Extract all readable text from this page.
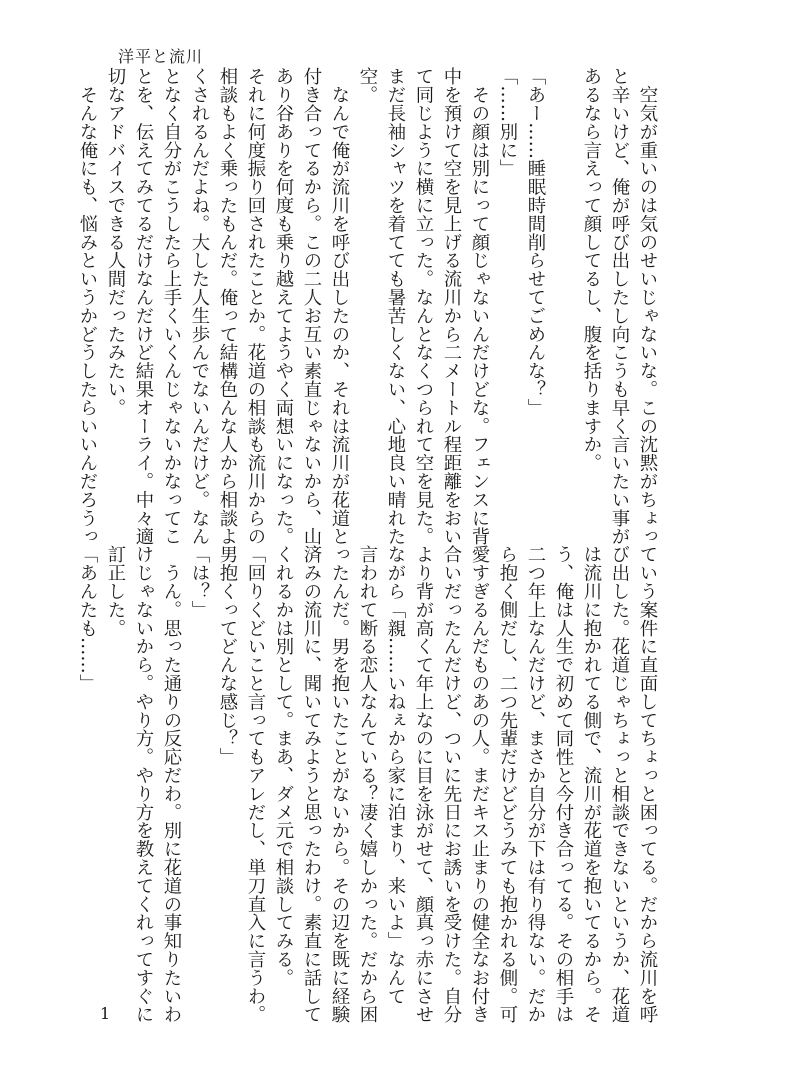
洋平と流川

　空気が重いのは気のせいじゃないな。この沈黙がちょっ

と辛いけど、俺が呼び出したし向こうも早く言いたい事が

あるなら言えって顔してるし、腹を括りますか。

「あー……睡眠時間削らせてごめんな？」

「……別に」

　その顔は別にって顔じゃないんだけどな。フェンスに背

中を預けて空を見上げる流川から二メートル程距離をおい

て同じように横に立った。なんとなくつられて空を見た。

まだ長袖シャツを着てても暑苦しくない、心地良い晴れた

空。

　なんで俺が流川を呼び出したのか、それは流川が花道と

付き合ってるから。この二人お互い素直じゃないから、山

あり谷ありを何度も乗り越えてようやく両想いになった。

それに何度振り回されたことか。花道の相談も流川からの

相談もよく乗ったもんだ。俺って結構色んな人から相談よ

くされるんだよね。大した人生歩んでないんだけど。なん

となく自分がこうしたら上手くいくんじゃないかなってこ

とを、伝えてみてるだけなんだけど結果オーライ。中々適

切なアドバイスできる人間だったみたい。

　そんな俺にも、悩みというかどうしたらいいんだろうっ

ていう案件に直面してちょっと困ってる。だから流川を呼

び出した。花道じゃちょっと相談できないというか、花道

は流川に抱かれてる側で、流川が花道を抱いてるから。そ

う、俺は人生で初めて同性と今付き合ってる。その相手は

二つ年上なんだけど、まさか自分が下は有り得ない。だか

ら抱く側だし、二つ先輩だけどどうみても抱かれる側。可

愛すぎるんだものあの人。まだキス止まりの健全なお付き

合いだったんだけど、ついに先日にお誘いを受けた。自分

より背が高くて年上なのに目を泳がせて、顔真っ赤にさせ

ながら「親……いねぇから家に泊まり、来いよ」なんて

言われて断る恋人なんている？凄く嬉しかった。だから困

ったんだ。男を抱いたことがないから。その辺を既に経験

済みの流川に、聞いてみようと思ったわけ。素直に話して

くれるかは別として。まあ、ダメ元で相談してみる。

「回りくどいこと言ってもアレだし、単刀直入に言うわ。

男抱くってどんな感じ？」

「は？」

　うん。思った通りの反応だわ。別に花道の事知りたいわ

けじゃないから。やり方。やり方を教えてくれってすぐに

訂正した。

「あんたも……」

1
